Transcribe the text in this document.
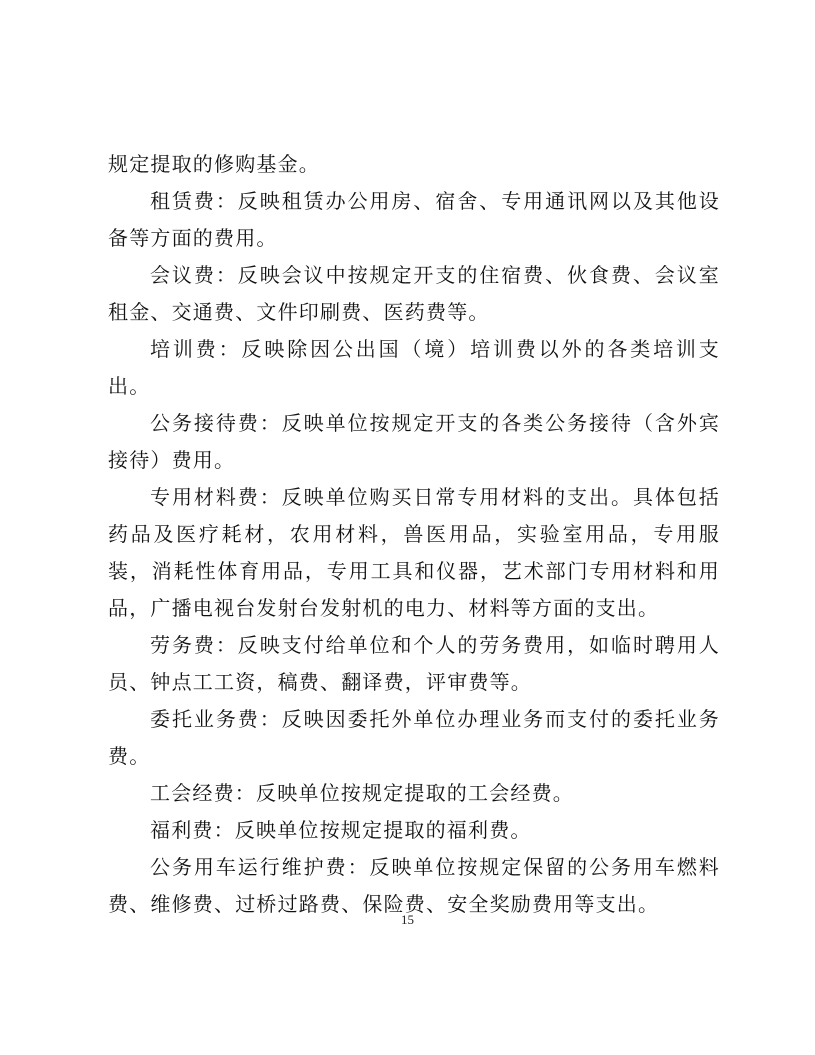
规定提取的修购基金。

租赁费：反映租赁办公用房、宿舍、专用通讯网以及其他设备等方面的费用。

会议费：反映会议中按规定开支的住宿费、伙食费、会议室租金、交通费、文件印刷费、医药费等。

培训费：反映除因公出国（境）培训费以外的各类培训支出。

公务接待费：反映单位按规定开支的各类公务接待（含外宾接待）费用。

专用材料费：反映单位购买日常专用材料的支出。具体包括药品及医疗耗材，农用材料，兽医用品，实验室用品，专用服装，消耗性体育用品，专用工具和仪器，艺术部门专用材料和用品，广播电视台发射台发射机的电力、材料等方面的支出。

劳务费：反映支付给单位和个人的劳务费用，如临时聘用人员、钟点工工资，稿费、翻译费，评审费等。

委托业务费：反映因委托外单位办理业务而支付的委托业务费。

工会经费：反映单位按规定提取的工会经费。

福利费：反映单位按规定提取的福利费。

公务用车运行维护费：反映单位按规定保留的公务用车燃料费、维修费、过桥过路费、保险费、安全奖励费用等支出。

15
